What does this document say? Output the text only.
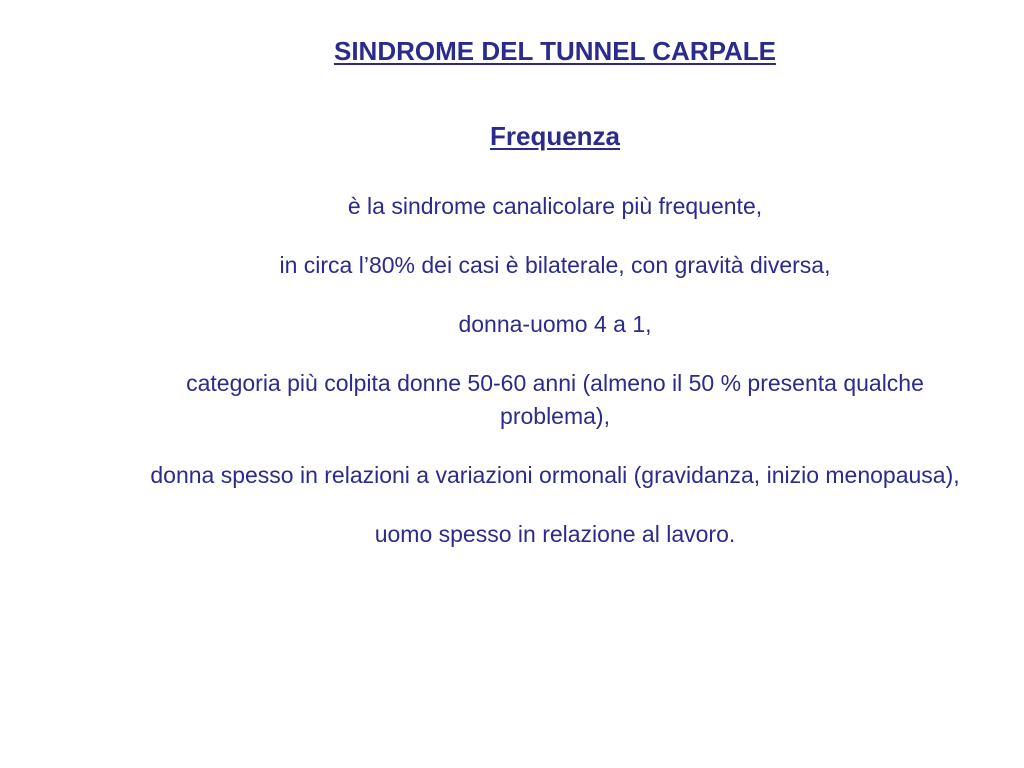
SINDROME DEL TUNNEL CARPALE
Frequenza
è la sindrome canalicolare più frequente,
in circa l’80% dei casi è bilaterale, con gravità diversa,
donna-uomo 4 a 1,
categoria più colpita donne 50-60 anni (almeno il 50 % presenta qualche problema),
donna spesso in relazioni a variazioni ormonali (gravidanza, inizio menopausa),
uomo spesso in relazione al lavoro.
